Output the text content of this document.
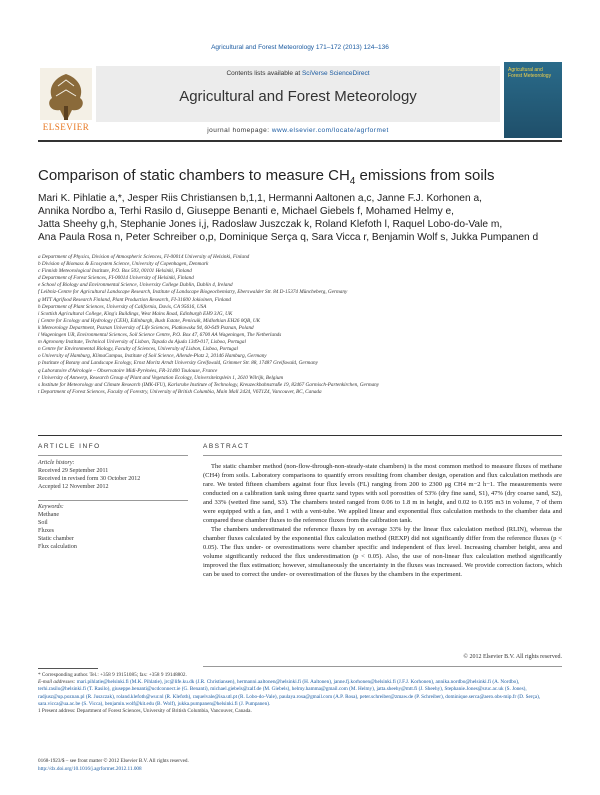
Agricultural and Forest Meteorology 171–172 (2013) 124–136
Contents lists available at SciVerse ScienceDirect
Agricultural and Forest Meteorology
ELSEVIER
Agricultural and Forest Meteorology
journal homepage: www.elsevier.com/locate/agrformet
Comparison of static chambers to measure $CH_4$ emissions from soils
Mari K. Pihlatie a,*, Jesper Riis Christiansen b,1,1, Hermanni Aaltonen a,c, Janne F.J. Korhonen a,
Annika Nordbo a, Terhi Rasilo d, Giuseppe Benanti e, Michael Giebels f, Mohamed Helmy e,
Jatta Sheehy g,h, Stephanie Jones i,j, Radoslaw Juszczak k, Roland Klefoth l, Raquel Lobo-do-Vale m,
Ana Paula Rosa n, Peter Schreiber o,p, Dominique Serça q, Sara Vicca r, Benjamin Wolf s, Jukka Pumpanen d
a Department of Physics, Division of Atmospheric Sciences, FI-00014 University of Helsinki, Finland
b Division of Biomass & Ecosystem Science, University of Copenhagen, Denmark
c Finnish Meteorological Institute, P.O. Box 503, 00101 Helsinki, Finland
d Department of Forest Sciences, FI-00014 University of Helsinki, Finland
e School of Biology and Environmental Science, University College Dublin, Dublin 4, Ireland
f Leibniz-Centre for Agricultural Landscape Research, Institute of Landscape Biogeochemistry, Eberswalder Str. 84 D-15374 Müncheberg, Germany
g MTT Agrifood Research Finland, Plant Production Research, FI-31600 Jokioinen, Finland
h Department of Plant Sciences, University of California, Davis, CA 95616, USA
i Scottish Agricultural College, King's Buildings, West Mains Road, Edinburgh EH9 3JG, UK
j Centre for Ecology and Hydrology (CEH), Edinburgh, Bush Estate, Penicuik, Midlothian EH26 0QB, UK
k Meteorology Department, Poznan University of Life Sciences, Piatkowska 94, 60-649 Poznan, Poland
l Wageningen UR, Environmental Sciences, Soil Science Centre, P.O. Box 47, 6700 AA Wageningen, The Netherlands
m Agronomy Institute, Technical University of Lisbon, Tapada da Ajuda 1349-017, Lisboa, Portugal
n Centre for Environmental Biology, Faculty of Sciences, University of Lisbon, Lisboa, Portugal
o University of Hamburg, KlimaCampus, Institute of Soil Science, Allende-Platz 2, 20146 Hamburg, Germany
p Institute of Botany and Landscape Ecology, Ernst Moritz Arndt University Greifswald, Grimmer Str. 88, 17487 Greifswald, Germany
q Laboratoire d'Aérologie – Observatoire Midi-Pyrénées, FR-31400 Toulouse, France
r University of Antwerp, Research Group of Plant and Vegetation Ecology, Universiteitsplein 1, 2610 Wilrijk, Belgium
s Institute for Meteorology and Climate Research (IMK-IFU), Karlsruhe Institute of Technology, Kreuzeckbahnstraße 19, 82467 Garmisch-Partenkirchen, Germany
t Department of Forest Sciences, Faculty of Forestry, University of British Columbia, Main Mall 2424, V6T1Z4, Vancouver, BC, Canada
ARTICLE INFO
Article history:
Received 29 September 2011
Received in revised form 30 October 2012
Accepted 12 November 2012
Keywords:
Methane
Soil
Fluxes
Static chamber
Flux calculation
ABSTRACT

The static chamber method (non-flow-through-non-steady-state chambers) is the most common method to measure fluxes of methane (CH4) from soils. Laboratory comparisons to quantify errors resulting from chamber design, operation and flux calculation methods are rare. We tested fifteen chambers against four flux levels (FL) ranging from 200 to 2300 μg CH4 m−2 h−1. The measurements were conducted on a calibration tank using three quartz sand types with soil porosities of 53% (dry fine sand, S1), 47% (dry coarse sand, S2), and 33% (wetted fine sand, S3). The chambers tested ranged from 0.06 to 1.8 m in height, and 0.02 to 0.195 m3 in volume, 7 of them were equipped with a fan, and 1 with a vent-tube. We applied linear and exponential flux calculation methods to the chamber data and compared these chamber fluxes to the reference fluxes from the calibration tank.

The chambers underestimated the reference fluxes by on average 33% by the linear flux calculation method (RLIN), whereas the chamber fluxes calculated by the exponential flux calculation method (REXP) did not significantly differ from the reference fluxes (p < 0.05). The flux under- or overestimations were chamber specific and independent of flux level. Increasing chamber height, area and volume significantly reduced the flux underestimation (p < 0.05). Also, the use of non-linear flux calculation method significantly improved the flux estimation; however, simultaneously the uncertainty in the fluxes was increased. We provide correction factors, which can be used to correct the under- or overestimation of the fluxes by the chambers in the experiment.

© 2012 Elsevier B.V. All rights reserved.
* Corresponding author. Tel.: +358 9 19151085; fax: +358 9 19148802.
E-mail addresses: mari.pihlatie@helsinki.fi (M.K. Pihlatie), jrc@life.ku.dk (J.R. Christiansen), hermanni.aaltonen@helsinki.fi (H. Aaltonen), janne.fj.korhonen@helsinki.fi (J.F.J. Korhonen), annika.nordbo@helsinki.fi (A. Nordbo), terhi.rasilo@helsinki.fi (T. Rasilo), giuseppe.benanti@ucdconnect.ie (G. Benanti), michael.giebels@zalf.de (M. Giebels), helmy.hamma@gmail.com (M. Helmy), jatta.sheehy@mtt.fi (J. Sheehy), Stephanie.Jones@sruc.ac.uk (S. Jones), radjusz@up.poznan.pl (R. Juszczak), roland.klefoth@wur.nl (R. Klefoth), raquelvale@isa.utl.pt (R. Lobo-do-Vale), paulaya.rosa@gmail.com (A.P. Rosa), peter.schreiber@zmaw.de (P. Schreiber), dominique.serca@aero.obs-mip.fr (D. Serça), sara.vicca@ua.ac.be (S. Vicca), benjamin.wolf@kit.edu (B. Wolf), jukka.pumpanen@helsinki.fi (J. Pumpanen).
1 Present address: Department of Forest Sciences, University of British Columbia, Vancouver, Canada.
0168-1923/$ – see front matter © 2012 Elsevier B.V. All rights reserved.
http://dx.doi.org/10.1016/j.agrformet.2012.11.008
